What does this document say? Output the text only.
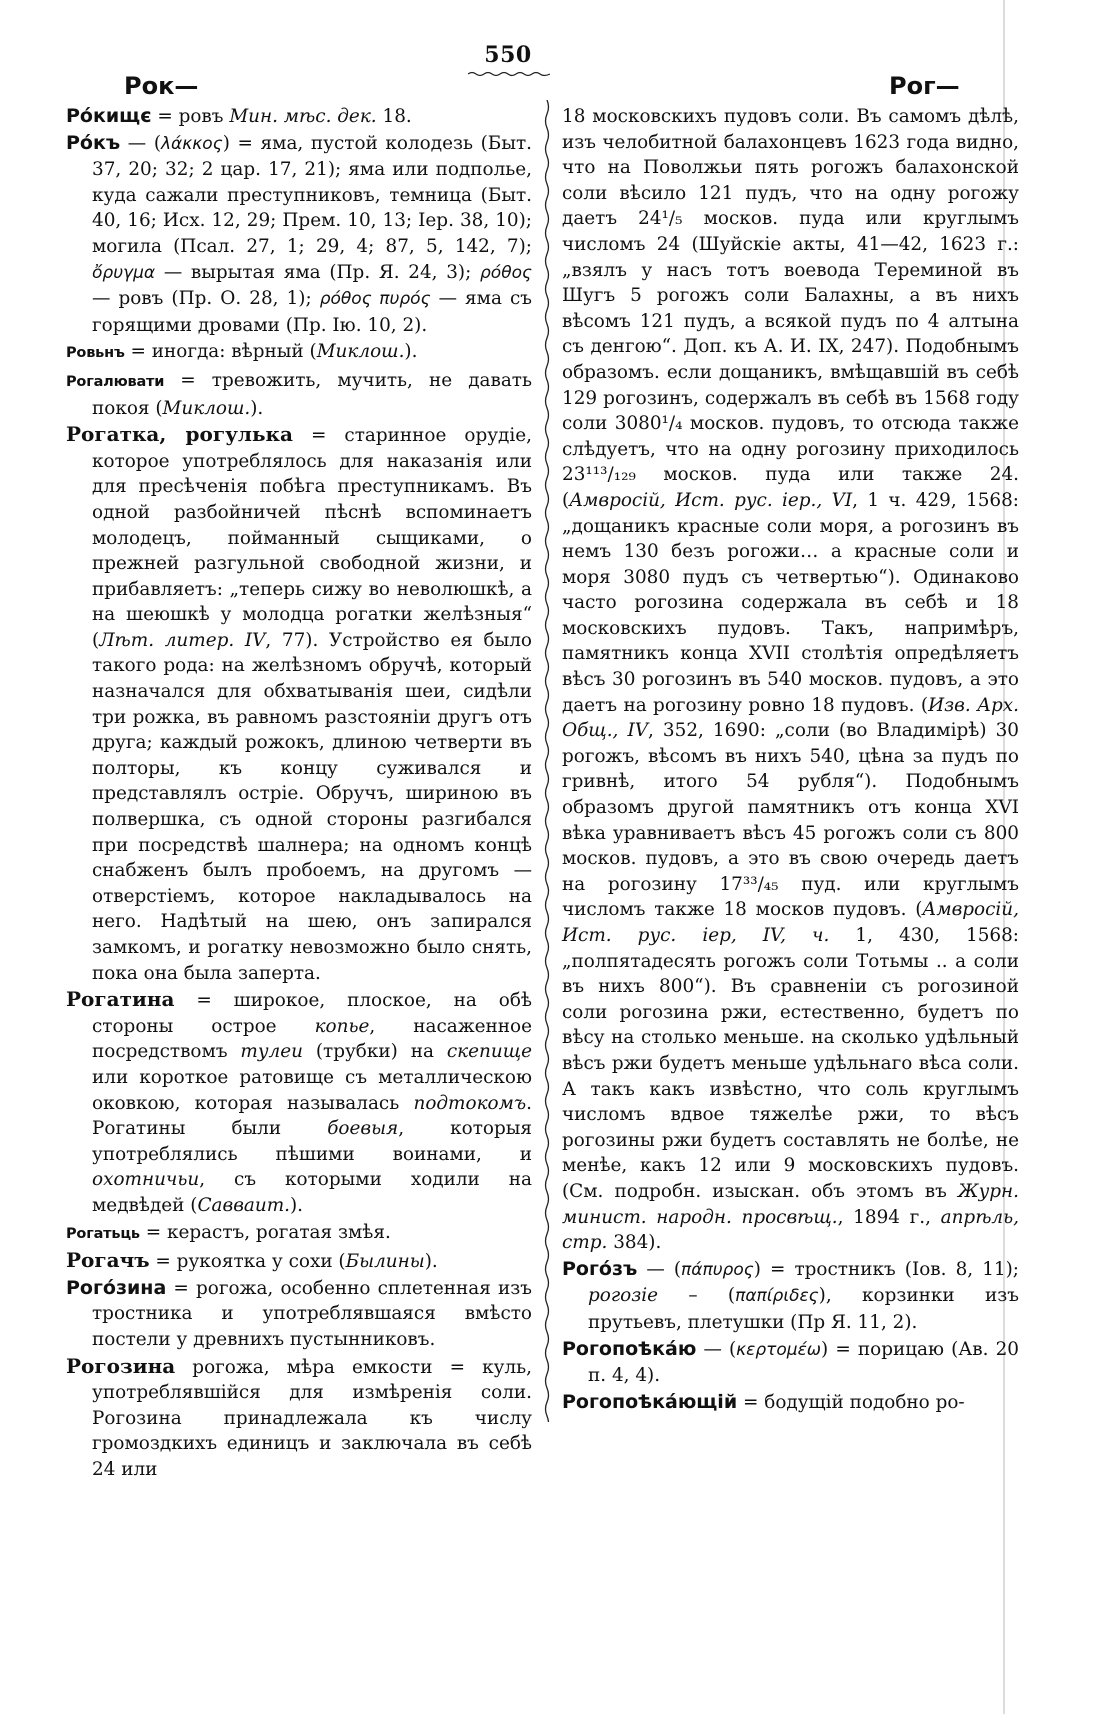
550
Рок—	Рог—

Ро́кищє = ровъ Мин. мѣс. дек. 18.

Ро́къ — (λάκκος) = яма, пустой колодезь (Быт. 37, 20; 32; 2 цар. 17, 21); яма или подполье, куда сажали преступниковъ, темница (Быт. 40, 16; Исх. 12, 29; Прем. 10, 13; Іер. 38, 10); могила (Псал. 27, 1; 29, 4; 87, 5, 142, 7); ὄρυγμα — вырытая яма (Пр. Я. 24, 3); ρόθος — ровъ (Пр. О. 28, 1); ρόθος πυρός — яма съ горящими дровами (Пр. Ію. 10, 2).

Ровьнъ = иногда: вѣрный (Миклош.).

Рогалювати = тревожить, мучить, не давать покоя (Миклош.).

Рогатка, рогулька = старинное орудіе, которое употреблялось для наказанія или для пресѣченія побѣга преступникамъ. Въ одной разбойничей пѣснѣ вспоминаетъ молодецъ, пойманный сыщиками, о прежней разгульной свободной жизни, и прибавляетъ: „теперь сижу во неволюшкѣ, а на шеюшкѣ у молодца рогатки желѣзныя“ (Лѣт. литер. IV, 77). Устройство ея было такого рода: на желѣзномъ обручѣ, который назначался для обхватыванія шеи, сидѣли три рожка, въ равномъ разстояніи другъ отъ друга; каждый рожокъ, длиною четверти въ полторы, къ концу суживался и представлялъ остріе. Обручъ, шириною въ полвершка, съ одной стороны разгибался при посредствѣ шалнера; на одномъ концѣ снабженъ былъ пробоемъ, на другомъ — отверстіемъ, которое накладывалось на него. Надѣтый на шею, онъ запирался замкомъ, и рогатку невозможно было снять, пока она была заперта.

Рогатина = широкое, плоское, на обѣ стороны острое копье, насаженное посредствомъ тулеи (трубки) на скепище или короткое ратовище съ металлическою оковкою, которая называлась подтокомъ. Рогатины были боевыя, которыя употреблялись пѣшими воинами, и охотничьи, съ которыми ходили на медвѣдей (Саввaит.).

Рогатьць = керастъ, рогатая змѣя.

Рогачъ = рукоятка у сохи (Былины).

Рого́зина = рогожа, особенно сплетенная изъ тростника и употреблявшаяся вмѣсто постели у древнихъ пустынниковъ.

Рогозина рогожа, мѣра емкости = куль, употреблявшійся для измѣренія соли. Рогозина принадлежала къ числу громоздкихъ единицъ и заключала въ себѣ 24 или

18 московскихъ пудовъ соли. Въ самомъ дѣлѣ, изъ челобитной балахонцевъ 1623 года видно, что на Поволжьи пять рогожъ балахонской соли вѣсило 121 пудъ, что на одну рогожу даетъ 24¹/₅ москов. пуда или круглымъ числомъ 24 (Шуйскіе акты, 41—42, 1623 г.: „взялъ у насъ тотъ воевода Тереминой въ Шугъ 5 рогожъ соли Балахны, а въ нихъ вѣсомъ 121 пудъ, а всякой пудъ по 4 алтына съ денгою“. Доп. къ А. И. IX, 247). Подобнымъ образомъ. если дощаникъ, вмѣщавшій въ себѣ 129 рогозинъ, содержалъ въ себѣ въ 1568 году соли 3080¹/₄ москов. пудовъ, то отсюда также слѣдуетъ, что на одну рогозину приходилось 23¹¹³/₁₂₉ москов. пуда или также 24. (Амвросій, Ист. рус. іер., VI, 1 ч. 429, 1568: „дощаникъ красные соли моря, а рогозинъ въ немъ 130 безъ рогожи… а красные соли и моря 3080 пудъ съ четвертью“). Одинаково часто рогозина содержала въ себѣ и 18 московскихъ пудовъ. Такъ, напримѣръ, памятникъ конца XVII столѣтія опредѣляетъ вѣсъ 30 рогозинъ въ 540 москов. пудовъ, а это даетъ на рогозину ровно 18 пудовъ. (Изв. Арх. Общ., IV, 352, 1690: „соли (во Владимірѣ) 30 рогожъ, вѣсомъ въ нихъ 540, цѣна за пудъ по гривнѣ, итого 54 рубля“). Подобнымъ образомъ другой памятникъ отъ конца XVI вѣка уравниваетъ вѣсъ 45 рогожъ соли съ 800 москов. пудовъ, а это въ свою очередь даетъ на рогозину 17³³/₄₅ пуд. или круглымъ числомъ также 18 москов пудовъ. (Амвросій, Ист. рус. іер, IV, ч. 1, 430, 1568: „полпятадесять рогожъ соли Тотьмы .. а соли въ нихъ 800“). Въ сравненіи съ рогозиной соли рогозина ржи, естественно, будетъ по вѣсу на столько меньше. на сколько удѣльный вѣсъ ржи будетъ меньше удѣльнаго вѣса соли. А такъ какъ извѣстно, что соль круглымъ числомъ вдвое тяжелѣе ржи, то вѣсъ рогозины ржи будетъ составлять не болѣе, не менѣе, какъ 12 или 9 московскихъ пудовъ. (См. подробн. изыскан. объ этомъ въ Журн. минист. народн. просвѣщ., 1894 г., апрѣль, стр. 384).

Рого́зъ — (πάπυρος) = тростникъ (Іов. 8, 11); рогозіе – (παπίριδες), корзинки изъ прутьевъ, плетушки (Пр Я. 11, 2).

Рогопоѣка́ю — (κερτομέω) = порицаю (Ав. 20 п. 4, 4).

Рогопоѣка́ющій = бодущій подобно ро-
